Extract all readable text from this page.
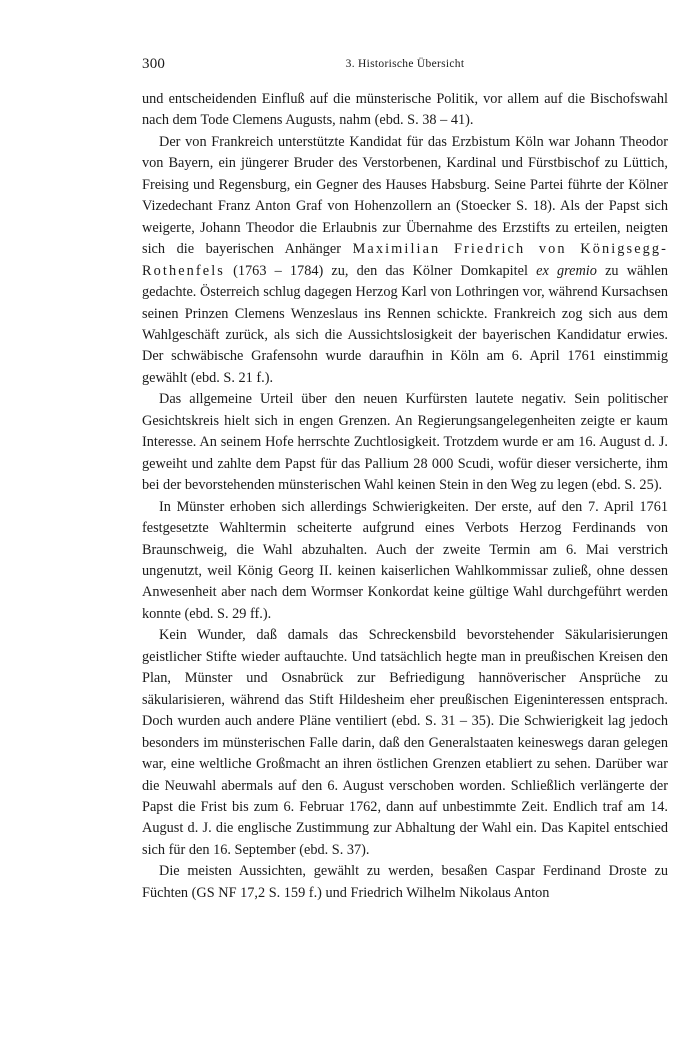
300	3. Historische Übersicht

und entscheidenden Einfluß auf die münsterische Politik, vor allem auf die Bischofswahl nach dem Tode Clemens Augusts, nahm (ebd. S. 38 – 41).

Der von Frankreich unterstützte Kandidat für das Erzbistum Köln war Johann Theodor von Bayern, ein jüngerer Bruder des Verstorbenen, Kardinal und Fürstbischof zu Lüttich, Freising und Regensburg, ein Gegner des Hauses Habsburg. Seine Partei führte der Kölner Vizedechant Franz Anton Graf von Hohenzollern an (Stoecker S. 18). Als der Papst sich weigerte, Johann Theodor die Erlaubnis zur Übernahme des Erzstifts zu erteilen, neigten sich die bayerischen Anhänger Maximilian Friedrich von Königsegg-Rothenfels (1763 – 1784) zu, den das Kölner Domkapitel ex gremio zu wählen gedachte. Österreich schlug dagegen Herzog Karl von Lothringen vor, während Kursachsen seinen Prinzen Clemens Wenzeslaus ins Rennen schickte. Frankreich zog sich aus dem Wahlgeschäft zurück, als sich die Aussichtslosigkeit der bayerischen Kandidatur erwies. Der schwäbische Grafensohn wurde daraufhin in Köln am 6. April 1761 einstimmig gewählt (ebd. S. 21 f.).

Das allgemeine Urteil über den neuen Kurfürsten lautete negativ. Sein politischer Gesichtskreis hielt sich in engen Grenzen. An Regierungsangelegenheiten zeigte er kaum Interesse. An seinem Hofe herrschte Zuchtlosigkeit. Trotzdem wurde er am 16. August d. J. geweiht und zahlte dem Papst für das Pallium 28 000 Scudi, wofür dieser versicherte, ihm bei der bevorstehenden münsterischen Wahl keinen Stein in den Weg zu legen (ebd. S. 25).

In Münster erhoben sich allerdings Schwierigkeiten. Der erste, auf den 7. April 1761 festgesetzte Wahltermin scheiterte aufgrund eines Verbots Herzog Ferdinands von Braunschweig, die Wahl abzuhalten. Auch der zweite Termin am 6. Mai verstrich ungenutzt, weil König Georg II. keinen kaiserlichen Wahlkommissar zuließ, ohne dessen Anwesenheit aber nach dem Wormser Konkordat keine gültige Wahl durchgeführt werden konnte (ebd. S. 29 ff.).

Kein Wunder, daß damals das Schreckensbild bevorstehender Säkularisierungen geistlicher Stifte wieder auftauchte. Und tatsächlich hegte man in preußischen Kreisen den Plan, Münster und Osnabrück zur Befriedigung hannöverischer Ansprüche zu säkularisieren, während das Stift Hildesheim eher preußischen Eigeninteressen entsprach. Doch wurden auch andere Pläne ventiliert (ebd. S. 31 – 35). Die Schwierigkeit lag jedoch besonders im münsterischen Falle darin, daß den Generalstaaten keineswegs daran gelegen war, eine weltliche Großmacht an ihren östlichen Grenzen etabliert zu sehen. Darüber war die Neuwahl abermals auf den 6. August verschoben worden. Schließlich verlängerte der Papst die Frist bis zum 6. Februar 1762, dann auf unbestimmte Zeit. Endlich traf am 14. August d. J. die englische Zustimmung zur Abhaltung der Wahl ein. Das Kapitel entschied sich für den 16. September (ebd. S. 37).

Die meisten Aussichten, gewählt zu werden, besaßen Caspar Ferdinand Droste zu Füchten (GS NF 17,2 S. 159 f.) und Friedrich Wilhelm Nikolaus Anton
